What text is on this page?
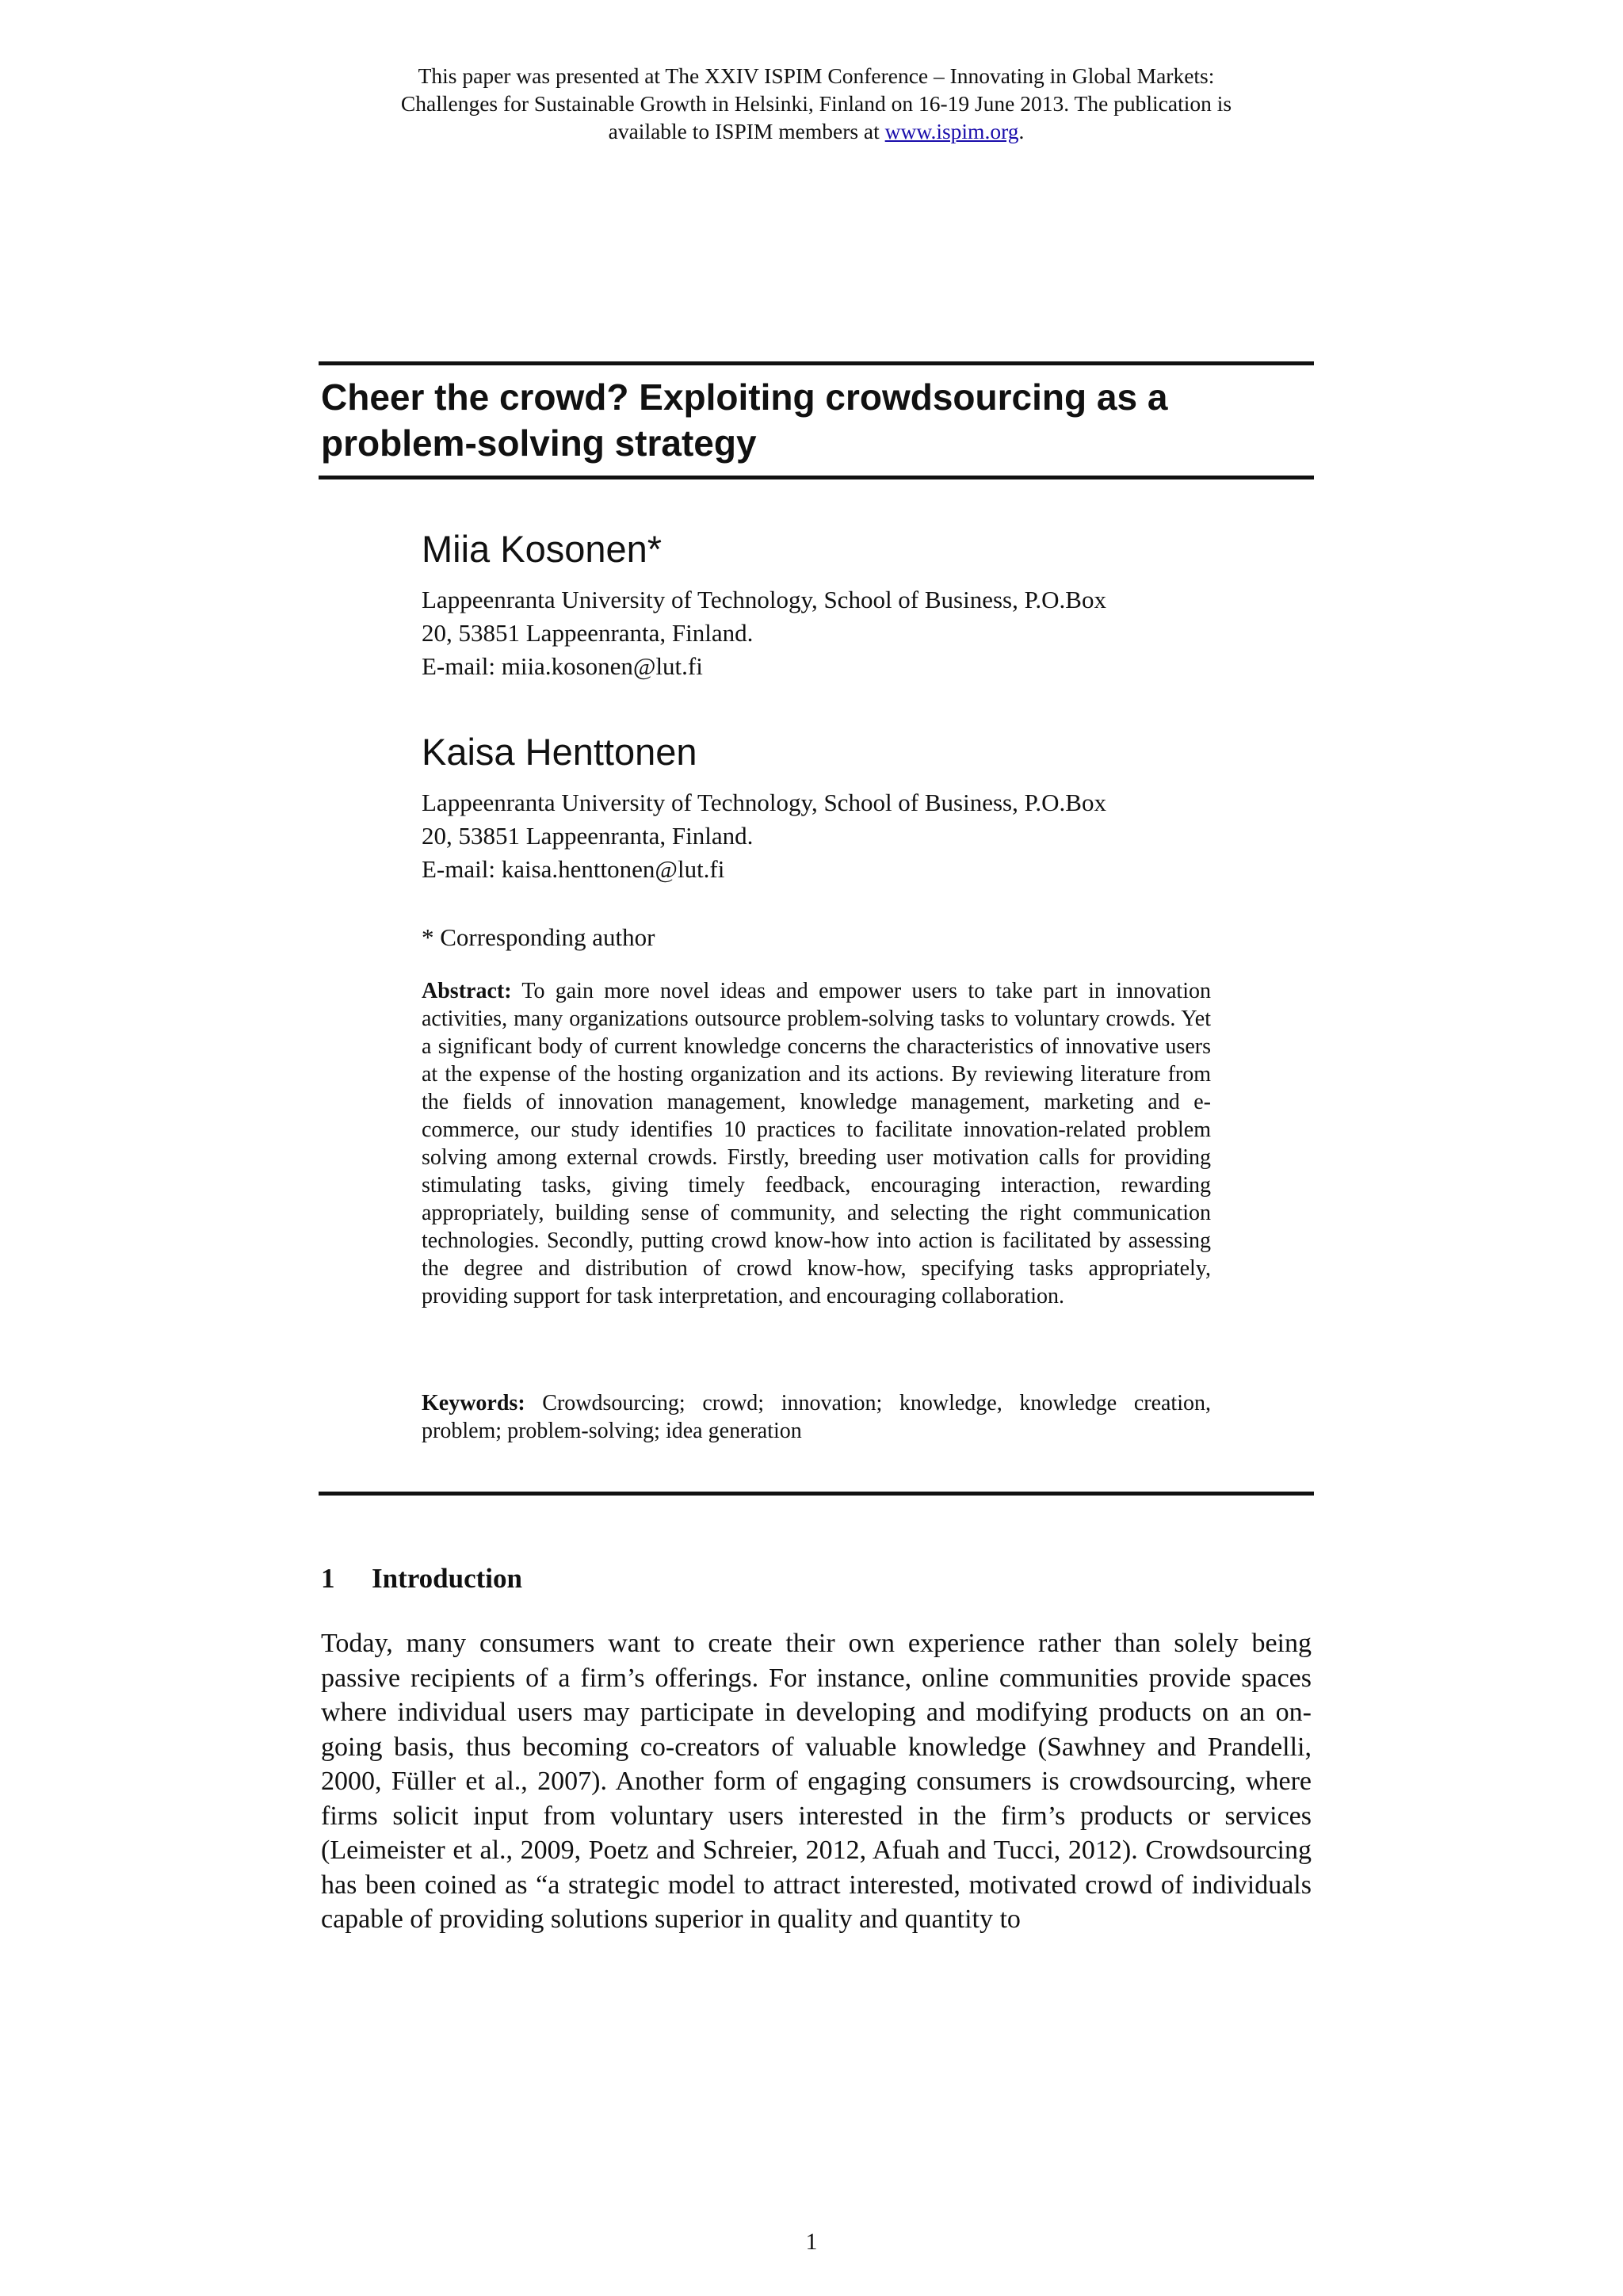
This paper was presented at The XXIV ISPIM Conference – Innovating in Global Markets:
Challenges for Sustainable Growth in Helsinki, Finland on 16-19 June 2013. The publication is
available to ISPIM members at www.ispim.org.
Cheer the crowd? Exploiting crowdsourcing as a
problem-solving strategy
Miia Kosonen*
Lappeenranta University of Technology, School of Business, P.O.Box
20, 53851 Lappeenranta, Finland.
E-mail: miia.kosonen@lut.fi
Kaisa Henttonen
Lappeenranta University of Technology, School of Business, P.O.Box
20, 53851 Lappeenranta, Finland.
E-mail: kaisa.henttonen@lut.fi
* Corresponding author
Abstract: To gain more novel ideas and empower users to take part in innovation activities, many organizations outsource problem-solving tasks to voluntary crowds. Yet a significant body of current knowledge concerns the characteristics of innovative users at the expense of the hosting organization and its actions. By reviewing literature from the fields of innovation management, knowledge management, marketing and e-commerce, our study identifies 10 practices to facilitate innovation-related problem solving among external crowds. Firstly, breeding user motivation calls for providing stimulating tasks, giving timely feedback, encouraging interaction, rewarding appropriately, building sense of community, and selecting the right communication technologies. Secondly, putting crowd know-how into action is facilitated by assessing the degree and distribution of crowd know-how, specifying tasks appropriately, providing support for task interpretation, and encouraging collaboration.
Keywords: Crowdsourcing; crowd; innovation; knowledge, knowledge creation, problem; problem-solving; idea generation
1 Introduction
Today, many consumers want to create their own experience rather than solely being passive recipients of a firm’s offerings. For instance, online communities provide spaces where individual users may participate in developing and modifying products on an on-going basis, thus becoming co-creators of valuable knowledge (Sawhney and Prandelli, 2000, Füller et al., 2007). Another form of engaging consumers is crowdsourcing, where firms solicit input from voluntary users interested in the firm’s products or services (Leimeister et al., 2009, Poetz and Schreier, 2012, Afuah and Tucci, 2012). Crowdsourcing has been coined as “a strategic model to attract interested, motivated crowd of individuals capable of providing solutions superior in quality and quantity to
1
